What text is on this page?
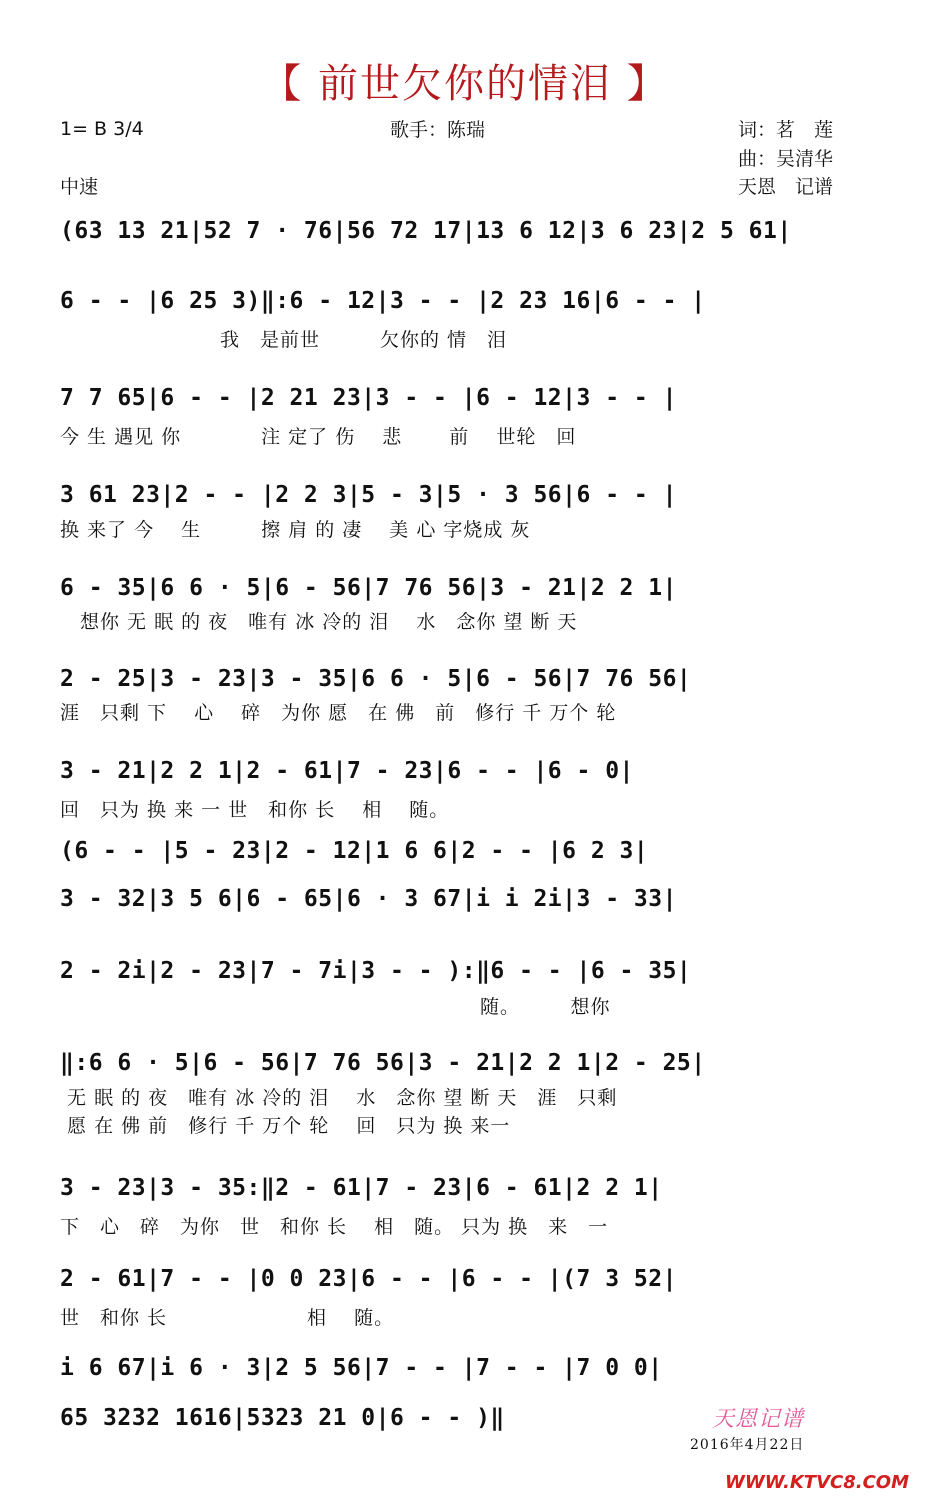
【 前世欠你的情泪 】
1= B 3/4
中速
歌手：陈瑞	词：茗　莲
曲：吴清华
天恩　记谱
(63 13 21|52 7 · 76|56 72 17|13 6 12|3 6 23|2 5 61|
6 - - |6 25 3)‖:6 - 12|3 - - |2 23 16|6 - - |
7 7 65|6 - - |2 21 23|3 - - |6 - 12|3 - - |
3 61 23|2 - - |2 2 3|5 - 3|5 · 3 56|6 - - |
6 - 35|6 6 · 5|6 - 56|7 76 56|3 - 21|2 2 1|
2 - 25|3 - 23|3 - 35|6 6 · 5|6 - 56|7 76 56|
3 - 21|2 2 1|2 - 61|7 - 23|6 - - |6 - 0|
(6 - - |5 - 23|2 - 12|1 6 6|2 - - |6 2 3|
3 - 32|3 5 6|6 - 65|6 · 3 67|i i 2i|3 - 33|
2 - 2i|2 - 23|7 - 7i|3 - - ):‖6 - - |6 - 35|
‖:6 6 · 5|6 - 56|7 76 56|3 - 21|2 2 1|2 - 25|
3 - 23|3 - 35:‖2 - 61|7 - 23|6 - 61|2 2 1|
2 - 61|7 - - |0 0 23|6 - - |6 - - |(7 3 52|
i 6 67|i 6 · 3|2 5 56|7 - - |7 - - |7 0 0|
65 3232 1616|5323 21 0|6 - - )‖
　　　　　　　　我　是前世　　　欠你的 情　泪
今 生 遇见 你　　　　注 定了 伤　 悲　　 前　 世轮　回
换 来了 今　 生　　　擦 肩 的 凄　 美 心 字烧成 灰
　想你 无 眠 的 夜　唯有 冰 冷的 泪　 水　念你 望 断 天
涯　只剩 下　 心　 碎　为你 愿　在 佛　前　修行 千 万个 轮
回　只为 换 来 一 世　和你 长　 相　 随。
　　　　　　　　　　　　　　　　　　　　　随。　　　想你
无 眠 的 夜　唯有 冰 冷的 泪　 水　念你 望 断 天　涯　只剩
愿 在 佛 前　修行 千 万个 轮　 回　只为 换 来一
下　心　碎　为你　世　和你 长　 相　随。 只为 换　来　一
世　和你 长　　　　　　　相　 随。
天恩记谱
2016年4月22日
WWW.KTVC8.COM
